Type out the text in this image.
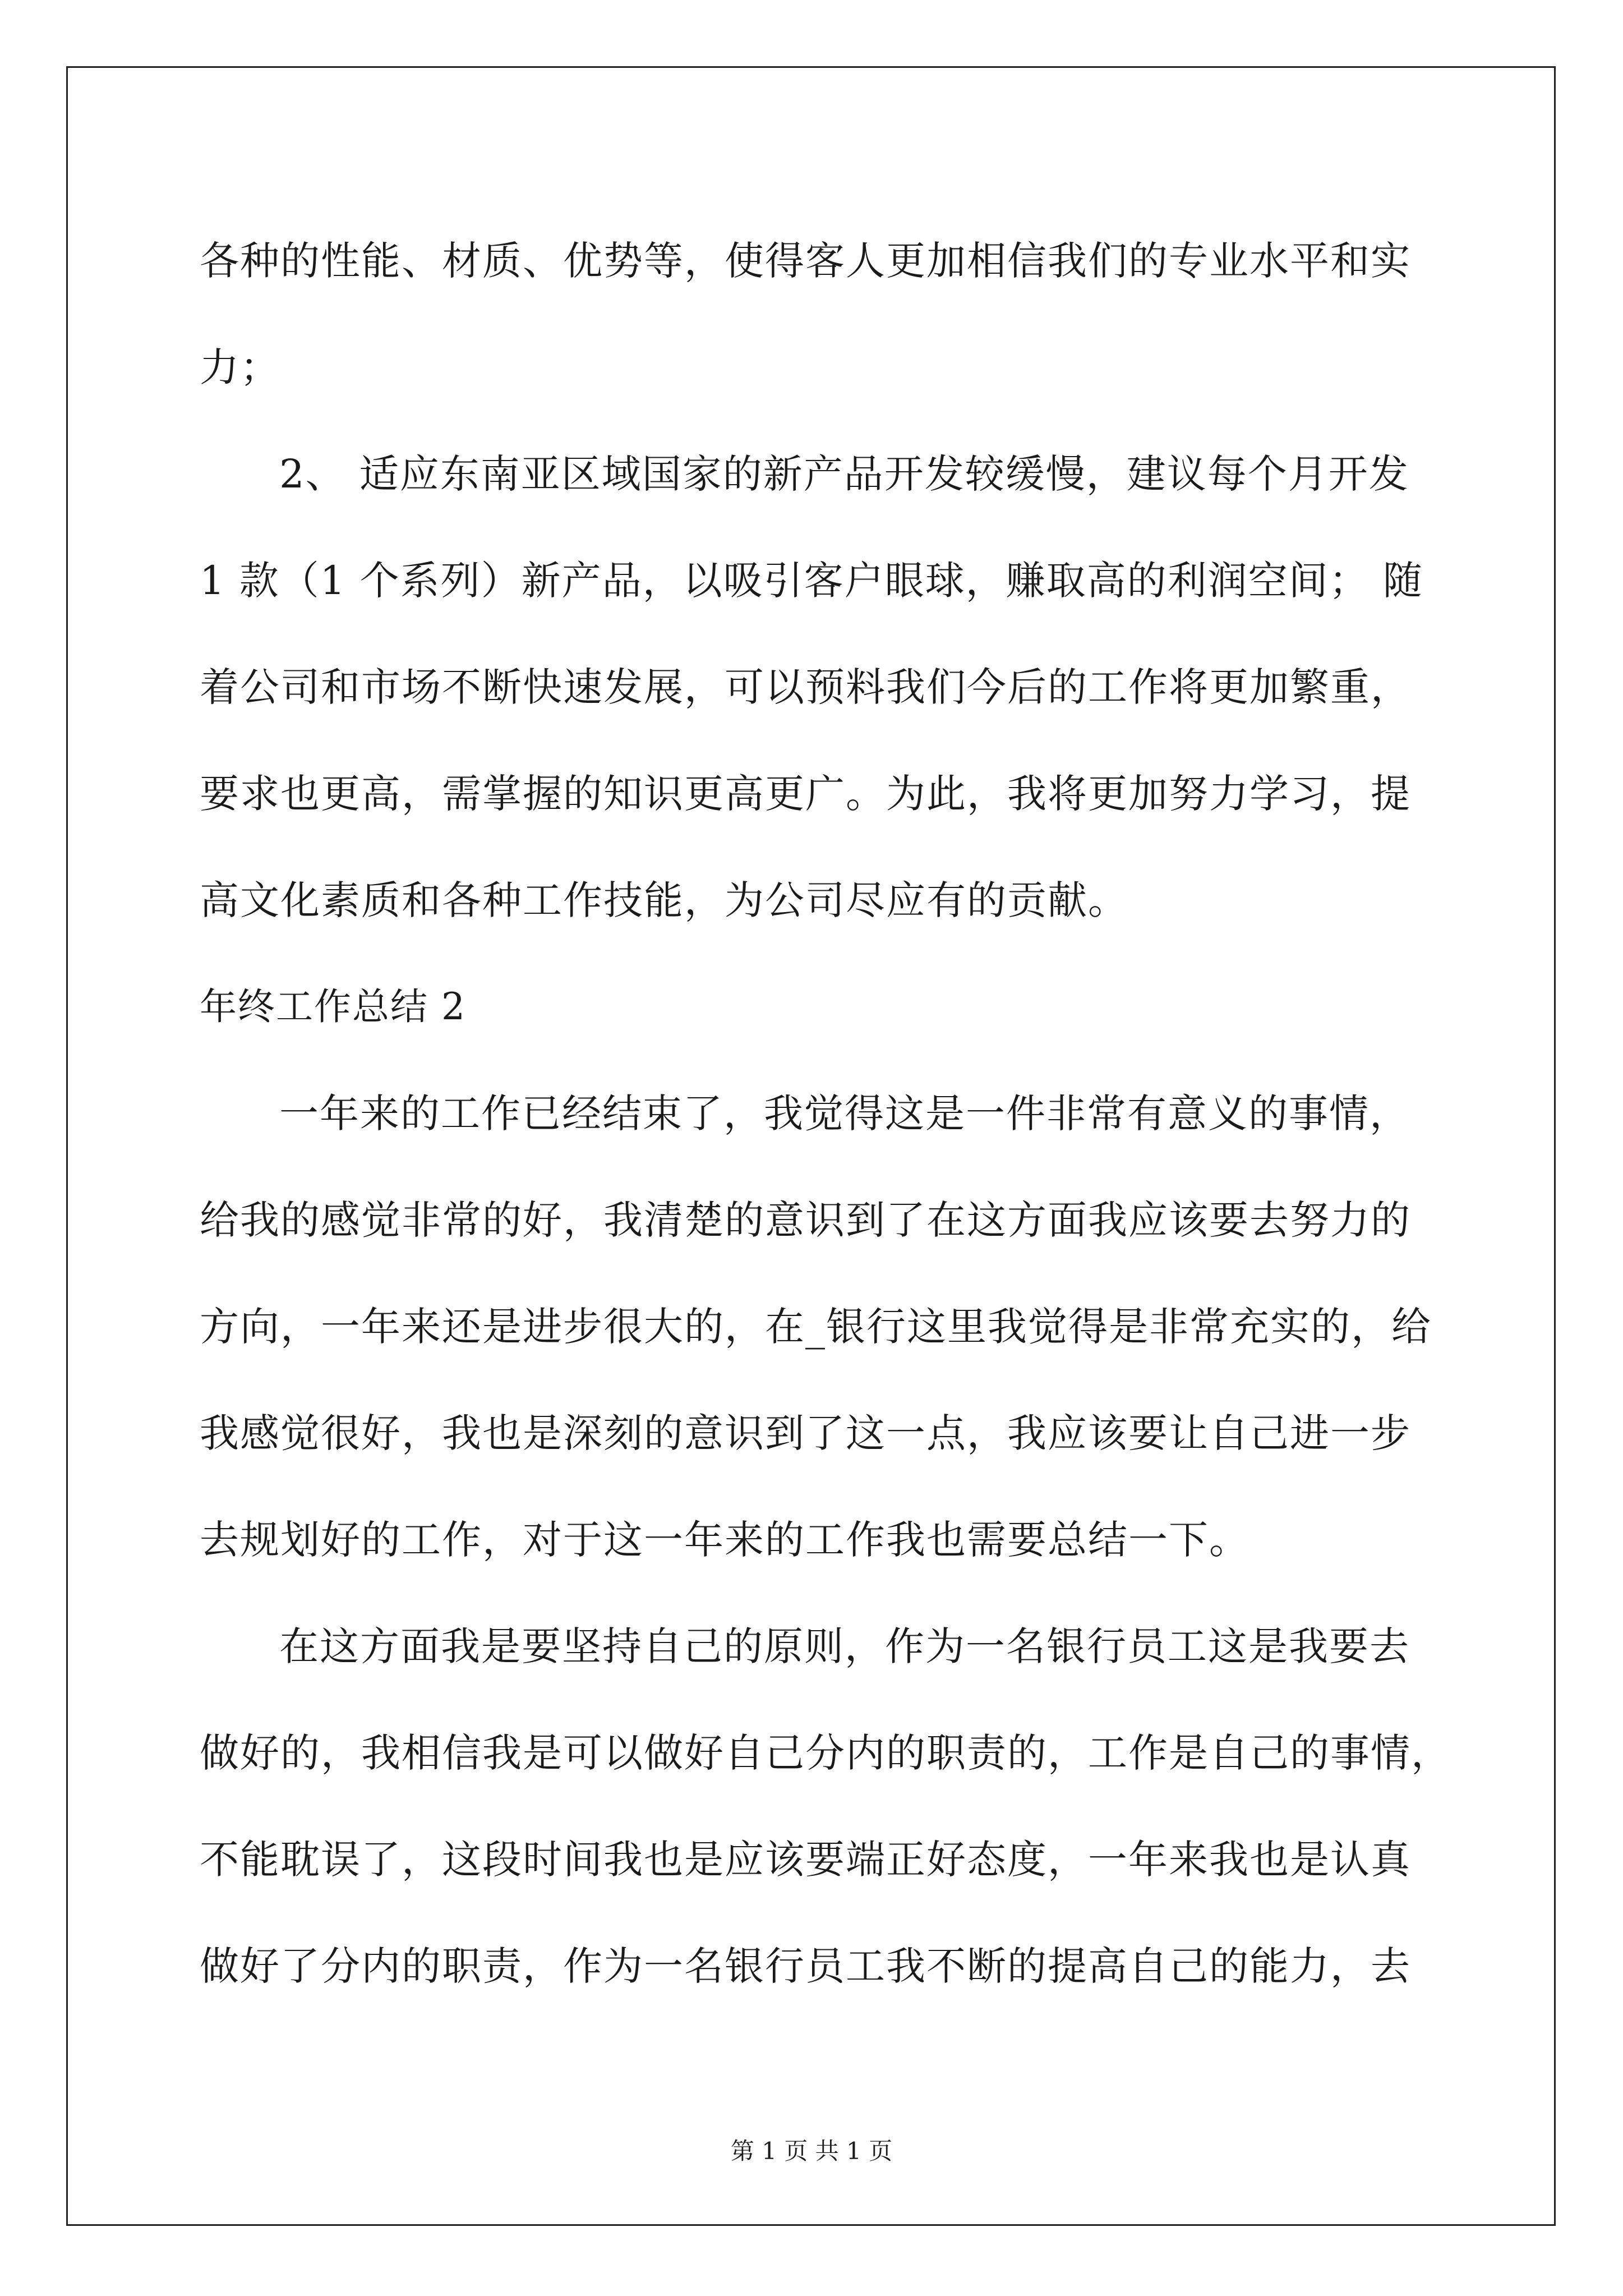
各种的性能、材质、优势等，使得客人更加相信我们的专业水平和实
力；
2、 适应东南亚区域国家的新产品开发较缓慢，建议每个月开发
1 款（1 个系列）新产品，以吸引客户眼球，赚取高的利润空间； 随
着公司和市场不断快速发展，可以预料我们今后的工作将更加繁重，
要求也更高，需掌握的知识更高更广。为此，我将更加努力学习，提
高文化素质和各种工作技能，为公司尽应有的贡献。
年终工作总结 2
一年来的工作已经结束了，我觉得这是一件非常有意义的事情，
给我的感觉非常的好，我清楚的意识到了在这方面我应该要去努力的
方向，一年来还是进步很大的，在_银行这里我觉得是非常充实的，给
我感觉很好，我也是深刻的意识到了这一点，我应该要让自己进一步
去规划好的工作，对于这一年来的工作我也需要总结一下。
在这方面我是要坚持自己的原则，作为一名银行员工这是我要去
做好的，我相信我是可以做好自己分内的职责的，工作是自己的事情，
不能耽误了，这段时间我也是应该要端正好态度，一年来我也是认真
做好了分内的职责，作为一名银行员工我不断的提高自己的能力，去
第 1 页 共 1 页
